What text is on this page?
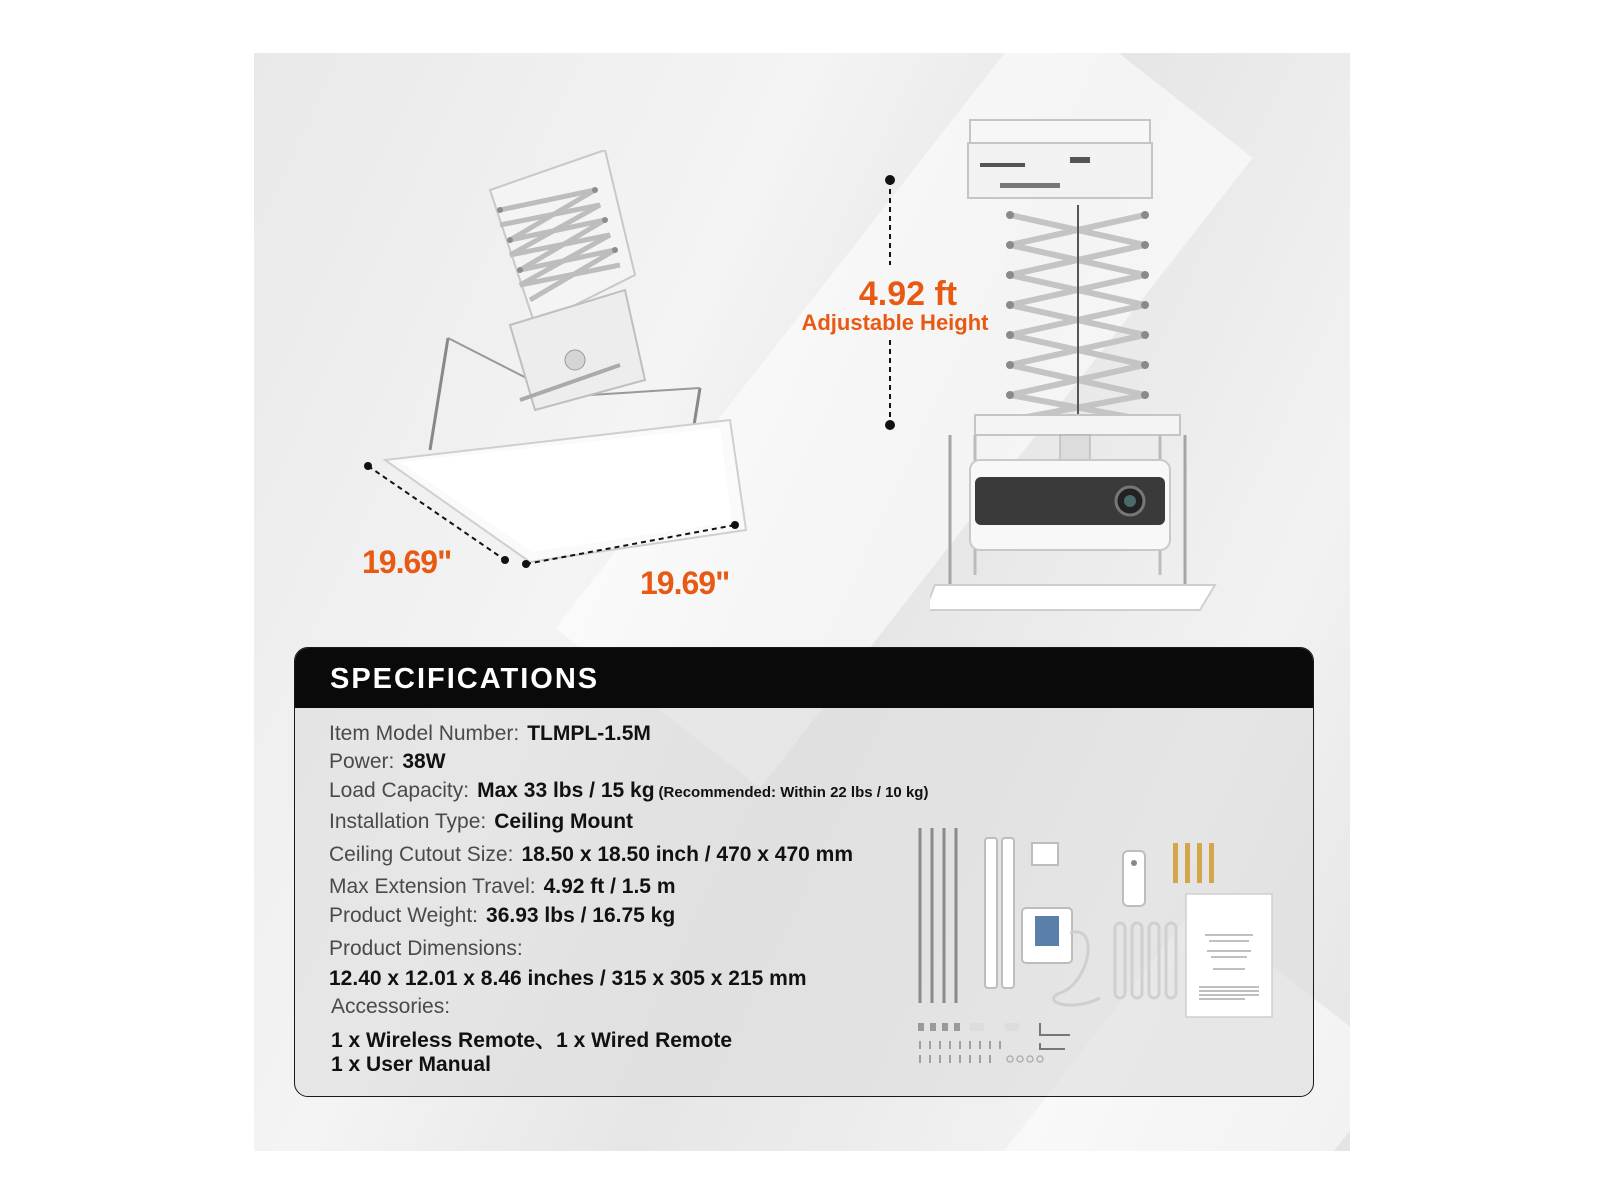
19.69"
19.69"
4.92 ft
Adjustable Height
SPECIFICATIONS
Item Model Number: TLMPL-1.5M
Power: 38W
Load Capacity: Max 33 lbs / 15 kg (Recommended: Within 22 lbs / 10 kg)
Installation Type: Ceiling Mount
Ceiling Cutout Size: 18.50 x 18.50 inch / 470 x 470 mm
Max Extension Travel: 4.92 ft / 1.5 m
Product Weight: 36.93 lbs / 16.75 kg
Product Dimensions:
12.40 x 12.01 x 8.46 inches / 315 x 305 x 215 mm
Accessories:
1 x Wireless Remote、1 x Wired Remote
1 x User Manual
